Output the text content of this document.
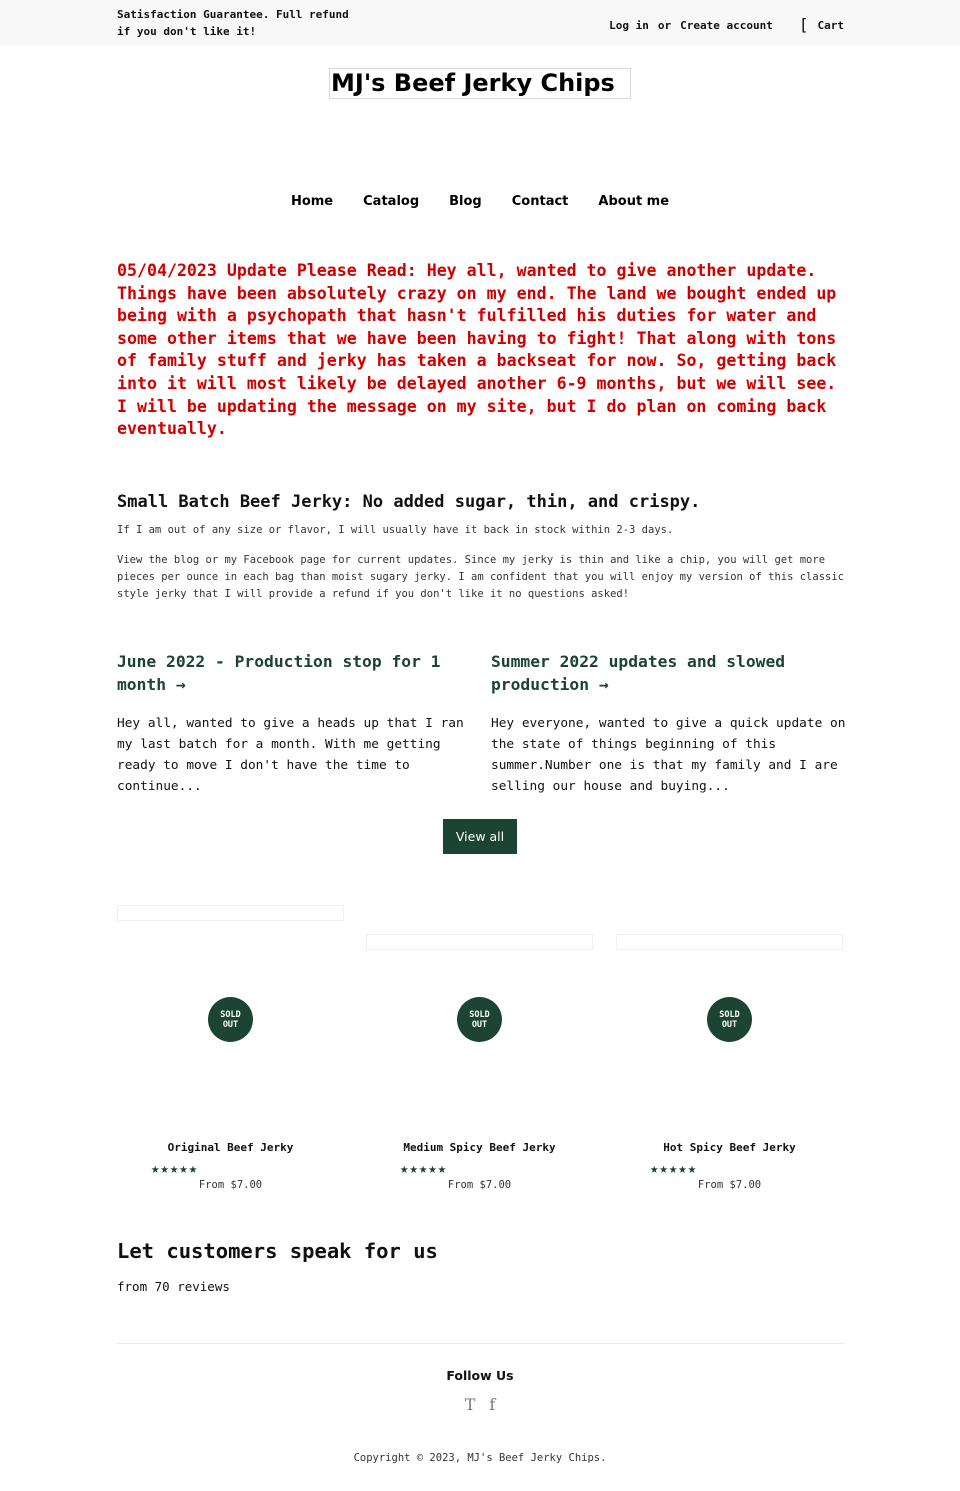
Satisfaction Guarantee. Full refund if you don't like it!	Log in or Create account [ Cart
MJ's Beef Jerky Chips
Home Catalog Blog Contact About me
05/04/2023 Update Please Read: Hey all, wanted to give another update. Things have been absolutely crazy on my end. The land we bought ended up being with a psychopath that hasn't fulfilled his duties for water and some other items that we have been having to fight! That along with tons of family stuff and jerky has taken a backseat for now. So, getting back into it will most likely be delayed another 6-9 months, but we will see. I will be updating the message on my site, but I do plan on coming back eventually.
Small Batch Beef Jerky: No added sugar, thin, and crispy.

If I am out of any size or flavor, I will usually have it back in stock within 2-3 days.

View the blog or my Facebook page for current updates. Since my jerky is thin and like a chip, you will get more pieces per ounce in each bag than moist sugary jerky. I am confident that you will enjoy my version of this classic style jerky that I will provide a refund if you don't like it no questions asked!

June 2022 - Production stop for 1 month →

Hey all, wanted to give a heads up that I ran my last batch for a month. With me getting ready to move I don't have the time to continue...

Summer 2022 updates and slowed production →

Hey everyone, wanted to give a quick update on the state of things beginning of this summer.Number one is that my family and I are selling our house and buying...

View all
SOLD
OUT
Original Beef Jerky
★★★★★
From $7.00
SOLD
OUT
Medium Spicy Beef Jerky
★★★★★
From $7.00
SOLD
OUT
Hot Spicy Beef Jerky
★★★★★
From $7.00
Let customers speak for us
from 70 reviews
Follow Us
T f
Copyright © 2023, MJ's Beef Jerky Chips.
